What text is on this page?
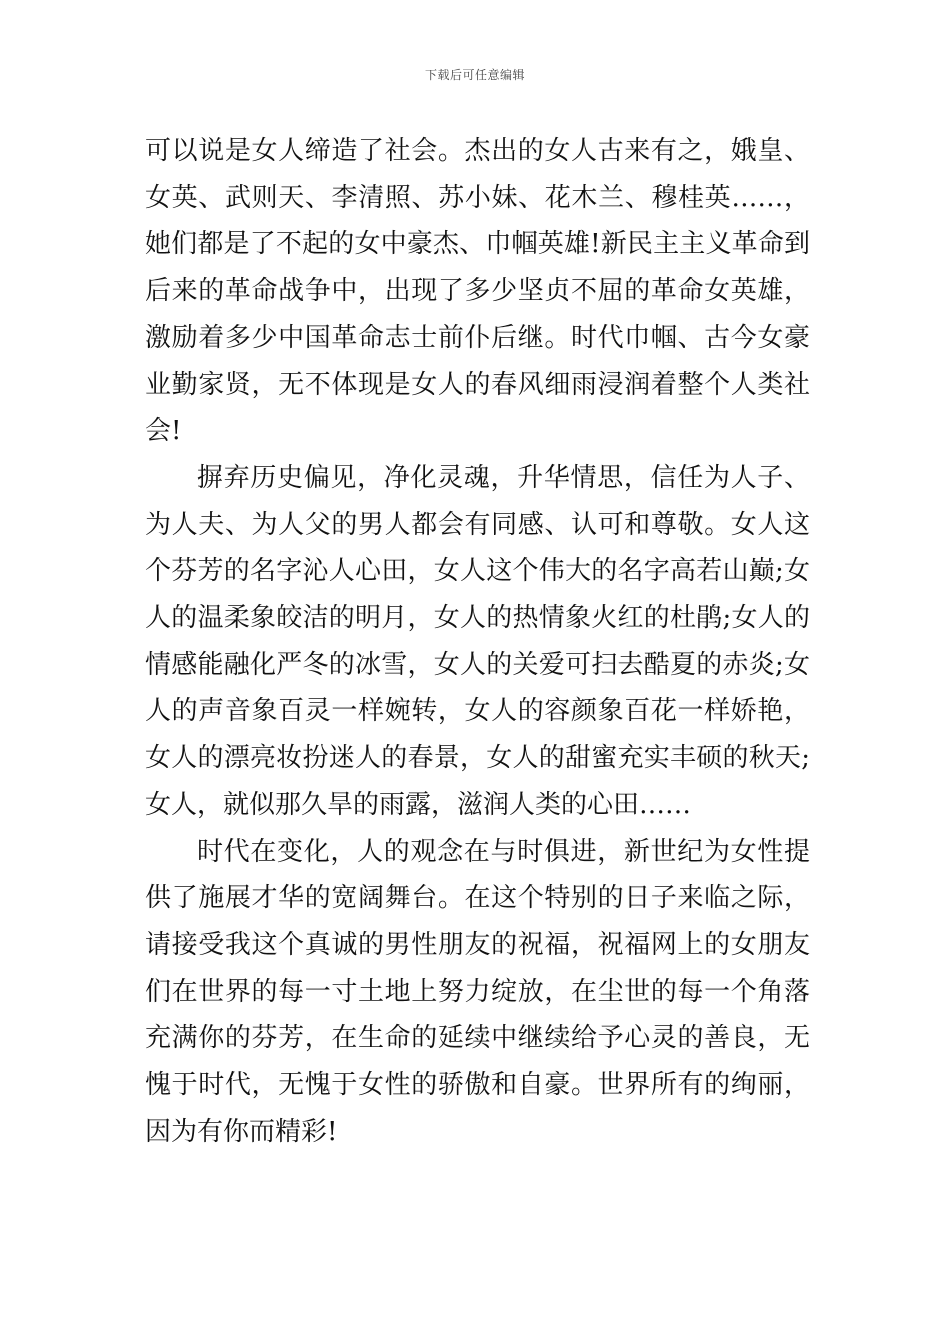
下载后可任意编辑

可以说是女人缔造了社会。杰出的女人古来有之，娥皇、女英、武则天、李清照、苏小妹、花木兰、穆桂英……，她们都是了不起的女中豪杰、巾帼英雄!新民主主义革命到后来的革命战争中，出现了多少坚贞不屈的革命女英雄，激励着多少中国革命志士前仆后继。时代巾帼、古今女豪业勤家贤，无不体现是女人的春风细雨浸润着整个人类社会!

摒弃历史偏见，净化灵魂，升华情思，信任为人子、为人夫、为人父的男人都会有同感、认可和尊敬。女人这个芬芳的名字沁人心田，女人这个伟大的名字高若山巅;女人的温柔象皎洁的明月，女人的热情象火红的杜鹃;女人的情感能融化严冬的冰雪，女人的关爱可扫去酷夏的赤炎;女人的声音象百灵一样婉转，女人的容颜象百花一样娇艳，女人的漂亮妆扮迷人的春景，女人的甜蜜充实丰硕的秋天;女人，就似那久旱的雨露，滋润人类的心田……

时代在变化，人的观念在与时俱进，新世纪为女性提供了施展才华的宽阔舞台。在这个特别的日子来临之际，请接受我这个真诚的男性朋友的祝福，祝福网上的女朋友们在世界的每一寸土地上努力绽放，在尘世的每一个角落充满你的芬芳，在生命的延续中继续给予心灵的善良，无愧于时代，无愧于女性的骄傲和自豪。世界所有的绚丽，因为有你而精彩!
